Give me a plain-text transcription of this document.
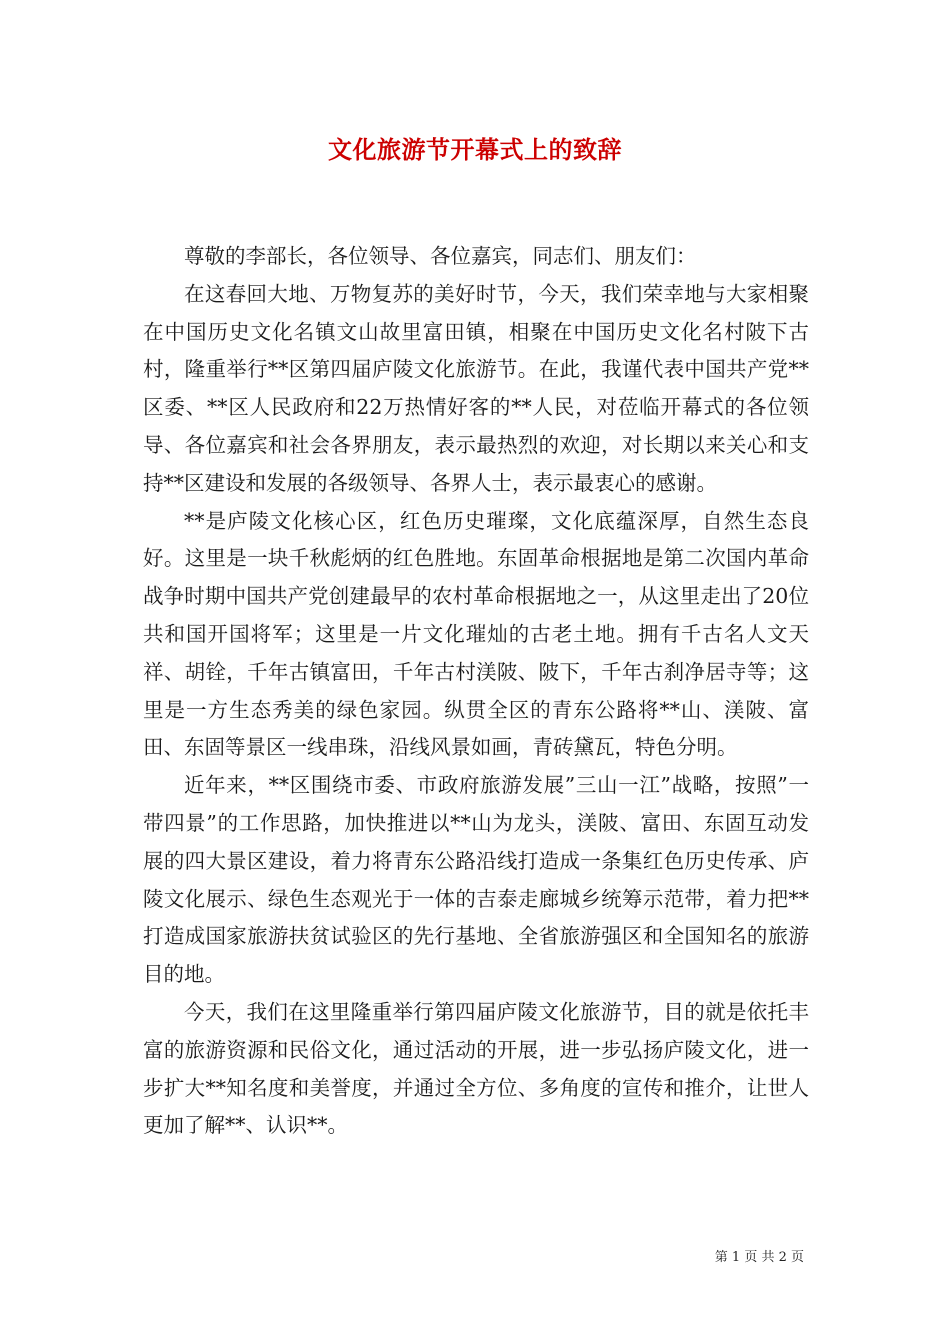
文化旅游节开幕式上的致辞

尊敬的李部长，各位领导、各位嘉宾，同志们、朋友们：

在这春回大地、万物复苏的美好时节，今天，我们荣幸地与大家相聚在中国历史文化名镇文山故里富田镇，相聚在中国历史文化名村陂下古村，隆重举行**区第四届庐陵文化旅游节。在此，我谨代表中国共产党**区委、**区人民政府和22万热情好客的**人民，对莅临开幕式的各位领导、各位嘉宾和社会各界朋友，表示最热烈的欢迎，对长期以来关心和支持**区建设和发展的各级领导、各界人士，表示最衷心的感谢。

**是庐陵文化核心区，红色历史璀璨，文化底蕴深厚，自然生态良好。这里是一块千秋彪炳的红色胜地。东固革命根据地是第二次国内革命战争时期中国共产党创建最早的农村革命根据地之一，从这里走出了20位共和国开国将军；这里是一片文化璀灿的古老土地。拥有千古名人文天祥、胡铨，千年古镇富田，千年古村渼陂、陂下，千年古刹净居寺等；这里是一方生态秀美的绿色家园。纵贯全区的青东公路将**山、渼陂、富田、东固等景区一线串珠，沿线风景如画，青砖黛瓦，特色分明。

近年来，**区围绕市委、市政府旅游发展”三山一江”战略，按照”一带四景”的工作思路，加快推进以**山为龙头，渼陂、富田、东固互动发展的四大景区建设，着力将青东公路沿线打造成一条集红色历史传承、庐陵文化展示、绿色生态观光于一体的吉泰走廊城乡统筹示范带，着力把**打造成国家旅游扶贫试验区的先行基地、全省旅游强区和全国知名的旅游目的地。

今天，我们在这里隆重举行第四届庐陵文化旅游节，目的就是依托丰富的旅游资源和民俗文化，通过活动的开展，进一步弘扬庐陵文化，进一步扩大**知名度和美誉度，并通过全方位、多角度的宣传和推介，让世人更加了解**、认识**。

第 1 页 共 2 页
